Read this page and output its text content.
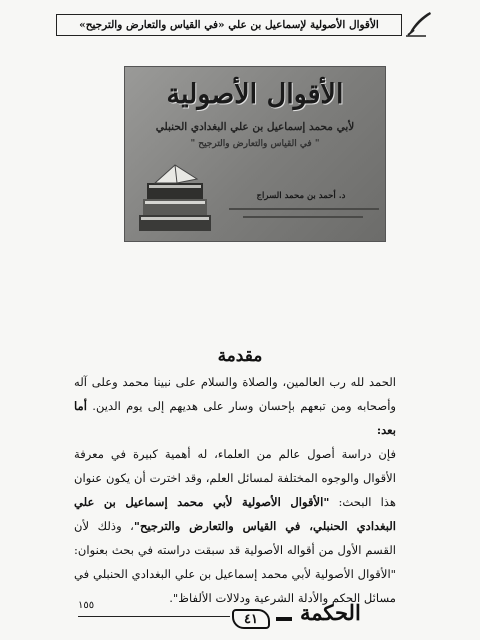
الأقوال الأصولية لإسماعيل بن علي «في القياس والتعارض والترجيح»
الأقوال الأصولية
لأبي محمد إسماعيل بن علي البغدادي الحنبلي
" في القياس والتعارض والترجيح "
د. أحمد بن محمد السراج
مقدمة

الحمد لله رب العالمين، والصلاة والسلام على نبينا محمد وعلى آله وأصحابه ومن تبعهم بإحسان وسار على هديهم إلى يوم الدين. أما بعد:

فإن دراسة أصول عالم من العلماء، له أهمية كبيرة في معرفة الأقوال والوجوه المختلفة لمسائل العلم، وقد اخترت أن يكون عنوان هذا البحث: "الأقوال الأصولية لأبي محمد إسماعيل بن علي البغدادي الحنبلي، في القياس والتعارض والترجيح"، وذلك لأن القسم الأول من أقواله الأصولية قد سبقت دراسته في بحث بعنوان: "الأقوال الأصولية لأبي محمد إسماعيل بن علي البغدادي الحنبلي في مسائل الحكم والأدلة الشرعية ودلالات الألفاظ".

١٥٥
٤١ الحكمة
